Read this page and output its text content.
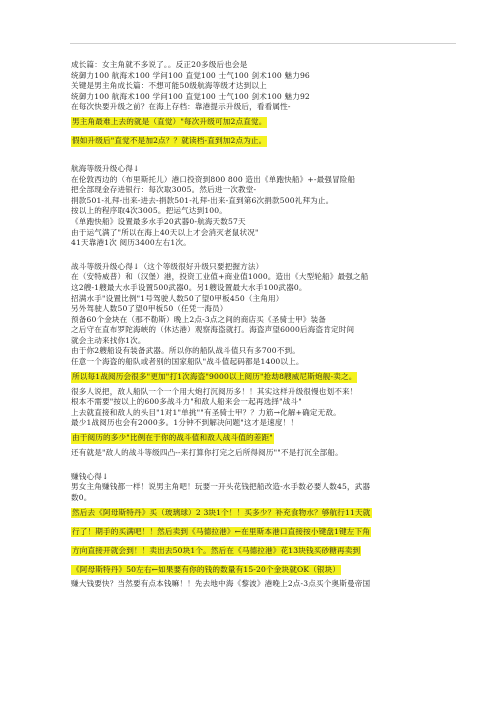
成长篇：女主角就不多说了。。反正20多级后也会是
统御力100 航海术100 学问100 直觉100 士气100 剑术100 魅力96
关键是男主角成长篇：不想可能50级航海等级才达到以上
统御力100 航海术100 学问100 直觉100 士气100 剑术100 魅力92
在每次快要升级之前？在海上存档：靠港提示升级后，看看属性-
男主角最难上去的就是（直觉）"每次升级可加2点直觉。
假如升级后"直觉不是加2点？？就读档-直到加2点为止。
航海等级升级心得↓
在伦敦西边的（布里斯托儿）港口投资到800 800 造出《单跑快船》+-最强冒险船
把全部现金存进银行：每次取3005。然后进一次教堂-
捐款501-礼拜-出来-进去-捐款501-礼拜-出来-直到第6次捐款500礼拜为止。
按以上的程序取4次3005。把运气达到100。
《单跑快船》设置最多水手20武器0-航海天数57天
由于运气满了"所以在海上40天以上才会消灭老鼠状况"
41天靠港1次 阅历3400左右1次。
战斗等级升级心得↓（这个等级很好升级只要把握方法）
在（安特威普）和（汉堡）港，投资工业值+商业值1000。造出《大型轮船》最强之船
这2艘-1艘最大水手设置500武器0。另1艘设置最大水手100武器0。
招满水手"设置比例"1号驾驶人数50了望0甲板450（主角用）
另外驾驶人数50了望0甲板50（任凭一海员）
预备60个金块在（那不勒斯）晚上2点-3点之间的商店买《圣骑士甲》装备
之后守在直布罗陀海峡的（休达港）观察海盗就打。海盗声望6000后海盗肯定时间
就会主动来找你1次。
由于你2艘船设有装备武器。所以你的船队战斗值只有多700不到。
任意一个海盗的船队或者别的国家船队"战斗值起码都是1400以上。
所以每1战阅历会很多"更加"打1次海盗"9000以上阅历"抢劫8艘威尼斯炮舰-卖之。
很多人说把，敌人船队一个一个用大炮打沉阅历多！！其实这样升级很慢也划不来！
根本不需要"按以上的600多战斗力"和敌人船来会一起再选择"战斗"
上去就直接和敌人的头目"1对1"单挑""有圣骑士甲？？力筋→化解+确定无敌。
最少1战阅历也会有2000多。1分钟不到解决问题"这才是速度！！
由于阅历的多少"比例在于你的战斗值和敌人战斗值的差距"
还有就是"敌人的战斗等级四凸--来打算你打完之后所得阅历""不是打沉全部船。
赚钱心得↓
男女主角赚钱都一样！说男主角吧！玩要一开头花钱把船改造-水手数必要人数45，武器
数0。
然后去《阿母斯特丹》买（玻璃球）2 3块1个！！买多少？补充食物水？够航行11天就
行了！期手的买满吧！！然后卖到《马德拉港》←在里斯本港口直接按小键盘1键左下角
方向直接开就会到！！卖出去50块1个。然后在《马德拉港》花13块钱买砂糖再卖到
《阿母斯特丹》50左右←如果要有你的钱的数量有15-20个金块就OK（银块）
赚大钱要快？当然要有点本钱嘛！！先去地中海《黎波》港晚上2点-3点买个奥斯曼帝国
